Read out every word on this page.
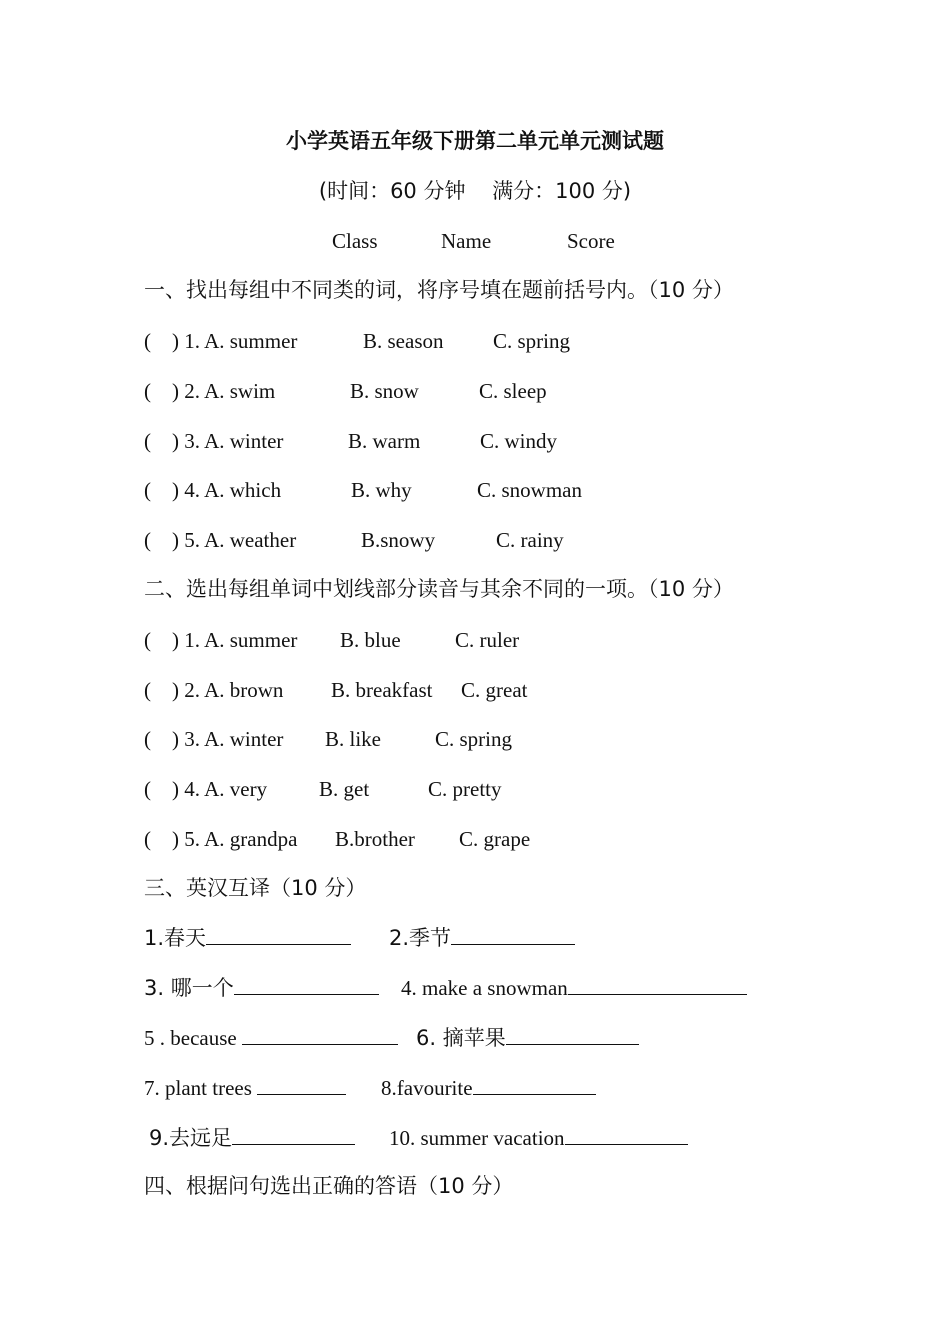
小学英语五年级下册第二单元单元测试题
(时间：60 分钟    满分：100 分)

Class

	Name

	Score

一、找出每组中不同类的词，将序号填在题前括号内。（10 分）

(

) 1. A. summer

	B. season

C. spring

(

) 2. A. swim

	B. snow

	C. sleep

(

) 3. A. winter

	B. warm

	C. windy

(

) 4. A. which

	B. why

	C. snowman

(

) 5. A. weather

	B.snowy

	C. rainy

二、选出每组单词中划线部分读音与其余不同的一项。（10 分）

(

) 1. A. summer

B. blue

	C. ruler

(

) 2. A. brown

B. breakfast

C. great

(

) 3. A. winter

B. like

	C. spring

(

) 4. A. very

B. get

	C. pretty

(

) 5. A. grandpa

B.brother

C. grape

三、英汉互译（10 分）

1.春天

	2.季节

3. 哪一个

	4. make a snowman

5 . because

	6. 摘苹果

7. plant trees

	8.favourite

9.去远足

	10. summer vacation

四、根据问句选出正确的答语（10 分）
